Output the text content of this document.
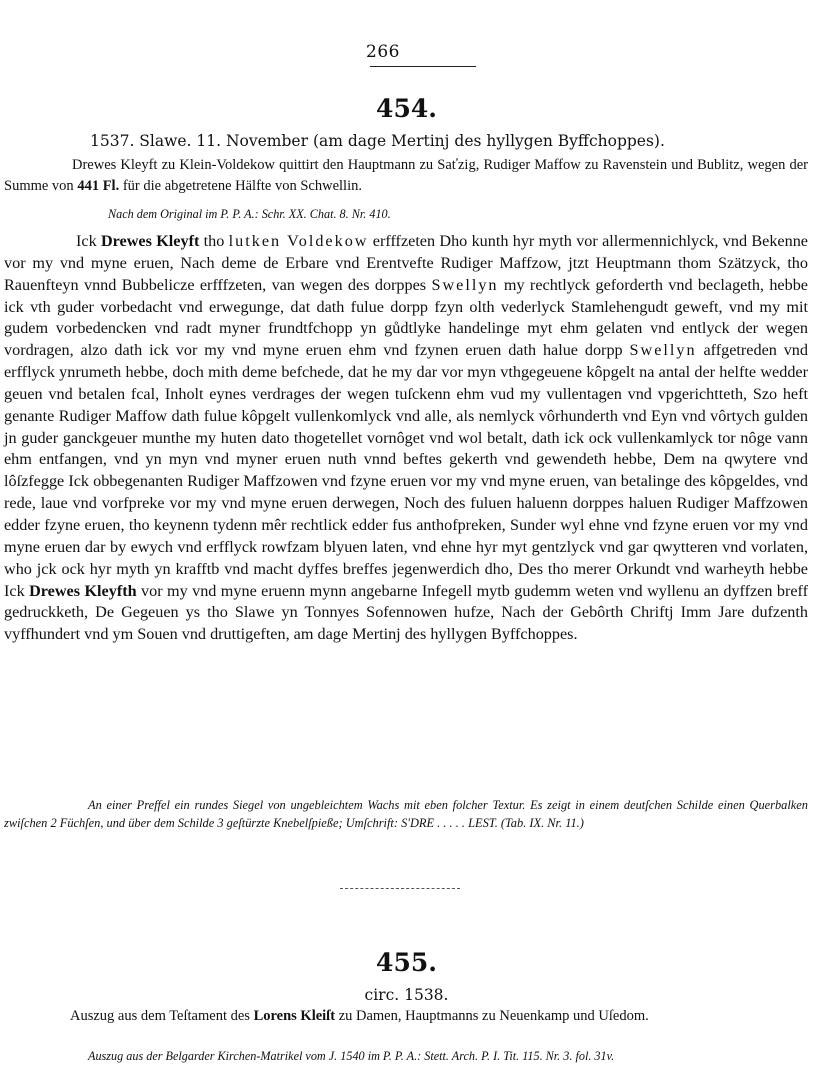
266
454.
1537. Slawe. 11. November (am dage Mertinj des hyllygen Byffchoppes).
Drewes Kleyft zu Klein-Voldekow quittirt den Hauptmann zu Saťzig, Rudiger Maffow zu Ravenstein und Bublitz, wegen der Summe von 441 Fl. für die abgetretene Hälfte von Schwellin.
Nach dem Original im P. P. A.: Schr. XX. Chat. 8. Nr. 410.
Ick Drewes Kleyft tho lutken Voldekow erfffzeten Dho kunth hyr myth vor allermennichlyck, vnd Bekenne vor my vnd myne eruen, Nach deme de Erbare vnd Erentvefte Rudiger Maffzow, jtzt Heuptmann thom Szätzyck, tho Rauenfteyn vnnd Bubbelicze erfffzeten, van wegen des dorppes Swellyn my rechtlyck geforderth vnd beclageth, hebbe ick vth guder vorbedacht vnd erwegunge, dat dath fulue dorpp fzyn olth vederlyck Stamlehengudt geweft, vnd my mit gudem vorbedencken vnd radt myner frundtfchopp yn gůdtlyke handelinge myt ehm gelaten vnd entlyck der wegen vordragen, alzo dath ick vor my vnd myne eruen ehm vnd fzynen eruen dath halue dorpp Swellyn affgetreden vnd erfflyck ynrumeth hebbe, doch mith deme befchede, dat he my dar vor myn vthgegeuene kôpgelt na antal der helfte wedder geuen vnd betalen fcal, Inholt eynes verdrages der wegen tuſckenn ehm vud my vullentagen vnd vpgerichtteth, Szo heft genante Rudiger Maffow dath fulue kôpgelt vullenkomlyck vnd alle, als nemlyck vôrhunderth vnd Eyn vnd vôrtych gulden jn guder ganckgeuer munthe my huten dato thogetellet vornôget vnd wol betalt, dath ick ock vullenkamlyck tor nôge vann ehm entfangen, vnd yn myn vnd myner eruen nuth vnnd beftes gekerth vnd gewendeth hebbe, Dem na qwytere vnd lôſzfegge Ick obbegenanten Rudiger Maffzowen vnd fzyne eruen vor my vnd myne eruen, van betalinge des kôpgeldes, vnd rede, laue vnd vorfpreke vor my vnd myne eruen derwegen, Noch des fuluen haluenn dorppes haluen Rudiger Maffzowen edder fzyne eruen, tho keynenn tydenn mêr rechtlick edder fus anthofpreken, Sunder wyl ehne vnd fzyne eruen vor my vnd myne eruen dar by ewych vnd erfflyck rowfzam blyuen laten, vnd ehne hyr myt gentzlyck vnd gar qwytteren vnd vorlaten, who jck ock hyr myth yn krafftb vnd macht dyffes breffes jegenwerdich dho, Des tho merer Orkundt vnd warheyth hebbe Ick Drewes Kleyfth vor my vnd myne eruenn mynn angebarne Infegell mytb gudemm weten vnd wyllenu an dyffzen breff gedruckketh, De Gegeuen ys tho Slawe yn Tonnyes Sofennowen hufze, Nach der Gebôrth Chriftj Imm Jare dufzenth vyffhundert vnd ym Souen vnd druttigeften, am dage Mertinj des hyllygen Byffchoppes.
An einer Preffel ein rundes Siegel von ungebleichtem Wachs mit eben folcher Textur. Es zeigt in einem deutſchen Schilde einen Querbalken zwiſchen 2 Füchſen, und über dem Schilde 3 geſtürzte Knebelſpieße; Umſchrift: S'DRE . . . . . LEST. (Tab. IX. Nr. 11.)
455.
circ. 1538.
Auszug aus dem Teſtament des Lorens Kleiſt zu Damen, Hauptmanns zu Neuenkamp und Uſedom.
Auszug aus der Belgarder Kirchen-Matrikel vom J. 1540 im P. P. A.: Stett. Arch. P. I. Tit. 115. Nr. 3. fol. 31v.
